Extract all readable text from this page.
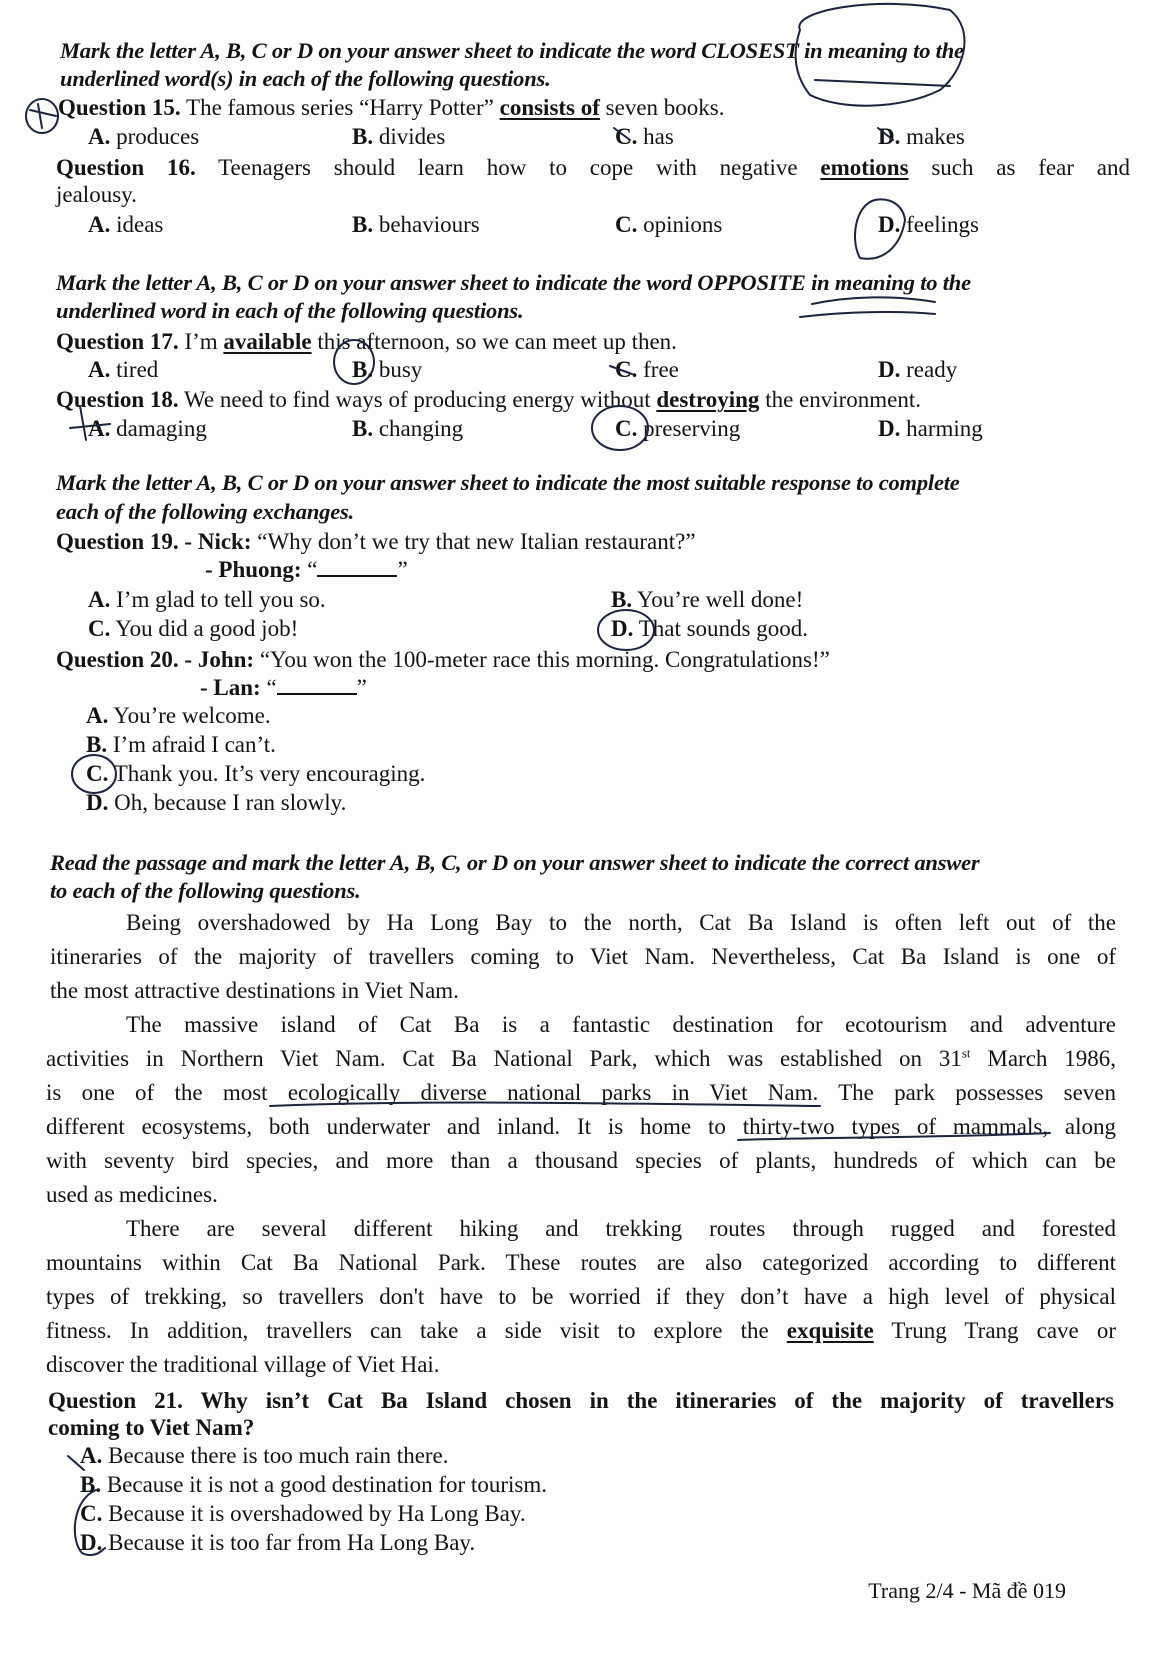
Mark the letter A, B, C or D on your answer sheet to indicate the word CLOSEST in meaning to the
underlined word(s) in each of the following questions.
Question 15. The famous series “Harry Potter” consists of seven books.
A. produces	B. divides	C. has	D. makes
Question 16. Teenagers should learn how to cope with negative emotions such as fear and
jealousy.
A. ideas	B. behaviours	C. opinions	D. feelings
Mark the letter A, B, C or D on your answer sheet to indicate the word OPPOSITE in meaning to the
underlined word in each of the following questions.
Question 17. I’m available this afternoon, so we can meet up then.
A. tired	B. busy	C. free	D. ready
Question 18. We need to find ways of producing energy without destroying the environment.
A. damaging	B. changing	C. preserving	D. harming
Mark the letter A, B, C or D on your answer sheet to indicate the most suitable response to complete
each of the following exchanges.
Question 19. - Nick: “Why don’t we try that new Italian restaurant?”
- Phuong: “	”
A. I’m glad to tell you so.	B. You’re well done!
C. You did a good job!	D. That sounds good.
Question 20. - John: “You won the 100-meter race this morning. Congratulations!”
- Lan: “	”
A. You’re welcome.
B. I’m afraid I can’t.
C. Thank you. It’s very encouraging.
D. Oh, because I ran slowly.
Read the passage and mark the letter A, B, C, or D on your answer sheet to indicate the correct answer
to each of the following questions.
Being overshadowed by Ha Long Bay to the north, Cat Ba Island is often left out of the
itineraries of the majority of travellers coming to Viet Nam. Nevertheless, Cat Ba Island is one of
the most attractive destinations in Viet Nam.
The massive island of Cat Ba is a fantastic destination for ecotourism and adventure
activities in Northern Viet Nam. Cat Ba National Park, which was established on 31st March 1986,
is one of the most ecologically diverse national parks in Viet Nam. The park possesses seven
different ecosystems, both underwater and inland. It is home to thirty-two types of mammals, along
with seventy bird species, and more than a thousand species of plants, hundreds of which can be
used as medicines.
There are several different hiking and trekking routes through rugged and forested
mountains within Cat Ba National Park. These routes are also categorized according to different
types of trekking, so travellers don't have to be worried if they don’t have a high level of physical
fitness. In addition, travellers can take a side visit to explore the exquisite Trung Trang cave or
discover the traditional village of Viet Hai.
Question 21. Why isn’t Cat Ba Island chosen in the itineraries of the majority of travellers
coming to Viet Nam?
A. Because there is too much rain there.
B. Because it is not a good destination for tourism.
C. Because it is overshadowed by Ha Long Bay.
D. Because it is too far from Ha Long Bay.
Trang 2/4 - Mã đề 019
